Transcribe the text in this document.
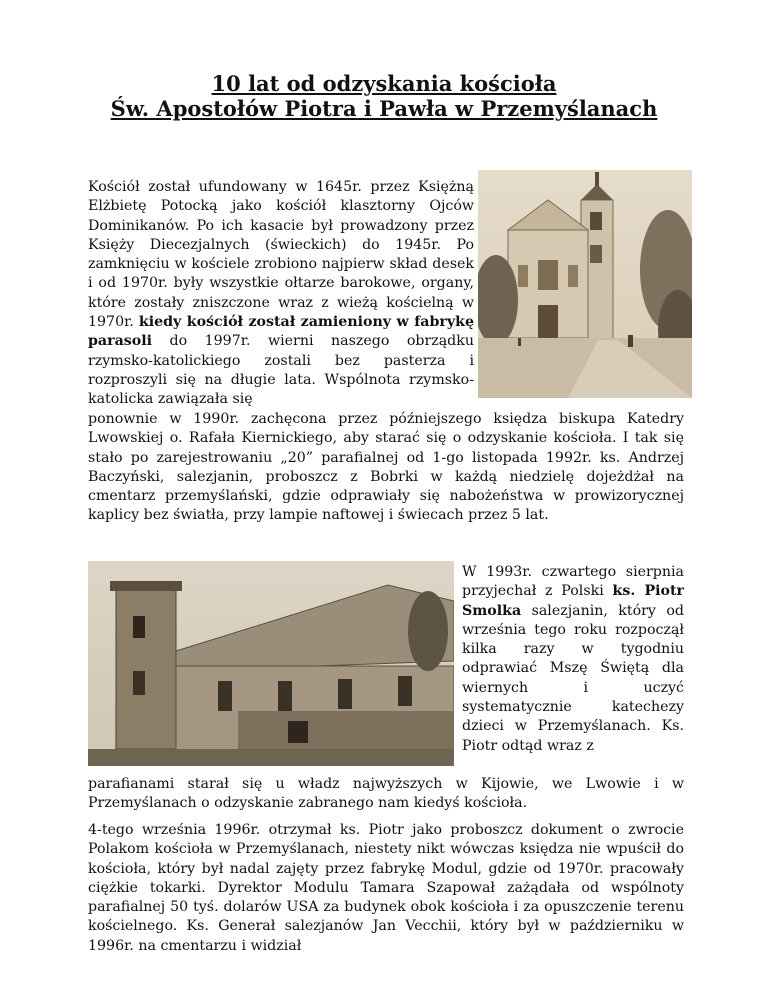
10 lat od odzyskania kościoła
Św. Apostołów Piotra i Pawła w Przemyślanach
Kościół został ufundowany w 1645r. przez Księżną Elżbietę Potocką jako kościół klasztorny Ojców Dominikanów. Po ich kasacie był prowadzony przez Księży Diecezjalnych (świeckich) do 1945r. Po zamknięciu w kościele zrobiono najpierw skład desek i od 1970r. były wszystkie ołtarze barokowe, organy, które zostały zniszczone wraz z wieżą kościelną w 1970r. kiedy kościół został zamieniony w fabrykę parasoli do 1997r. wierni naszego obrządku rzymsko-katolickiego zostali bez pasterza i rozproszyli się na długie lata. Wspólnota rzymsko-katolicka zawiązała się
ponownie w 1990r. zachęcona przez późniejszego księdza biskupa Katedry Lwowskiej o. Rafała Kiernickiego, aby starać się o odzyskanie kościoła. I tak się stało po zarejestrowaniu „20” parafialnej od 1-go listopada 1992r. ks. Andrzej Baczyński, salezjanin, proboszcz z Bobrki w każdą niedzielę dojeżdżał na cmentarz przemyślański, gdzie odprawiały się nabożeństwa w prowizorycznej kaplicy bez światła, przy lampie naftowej i świecach przez 5 lat.
W 1993r. czwartego sierpnia przyjechał z Polski ks. Piotr Smolka salezjanin, który od września tego roku rozpoczął kilka razy w tygodniu odprawiać Mszę Świętą dla wiernych i uczyć systematycznie katechezy dzieci w Przemyślanach. Ks. Piotr odtąd wraz z
parafianami starał się u władz najwyższych w Kijowie, we Lwowie i w Przemyślanach o odzyskanie zabranego nam kiedyś kościoła.
4-tego września 1996r. otrzymał ks. Piotr jako proboszcz dokument o zwrocie Polakom kościoła w Przemyślanach, niestety nikt wówczas księdza nie wpuścił do kościoła, który był nadal zajęty przez fabrykę Modul, gdzie od 1970r. pracowały ciężkie tokarki. Dyrektor Modulu Tamara Szapował zażądała od wspólnoty parafialnej 50 tyś. dolarów USA za budynek obok kościoła i za opuszczenie terenu kościelnego. Ks. Generał salezjanów Jan Vecchii, który był w październiku w 1996r. na cmentarzu i widział
